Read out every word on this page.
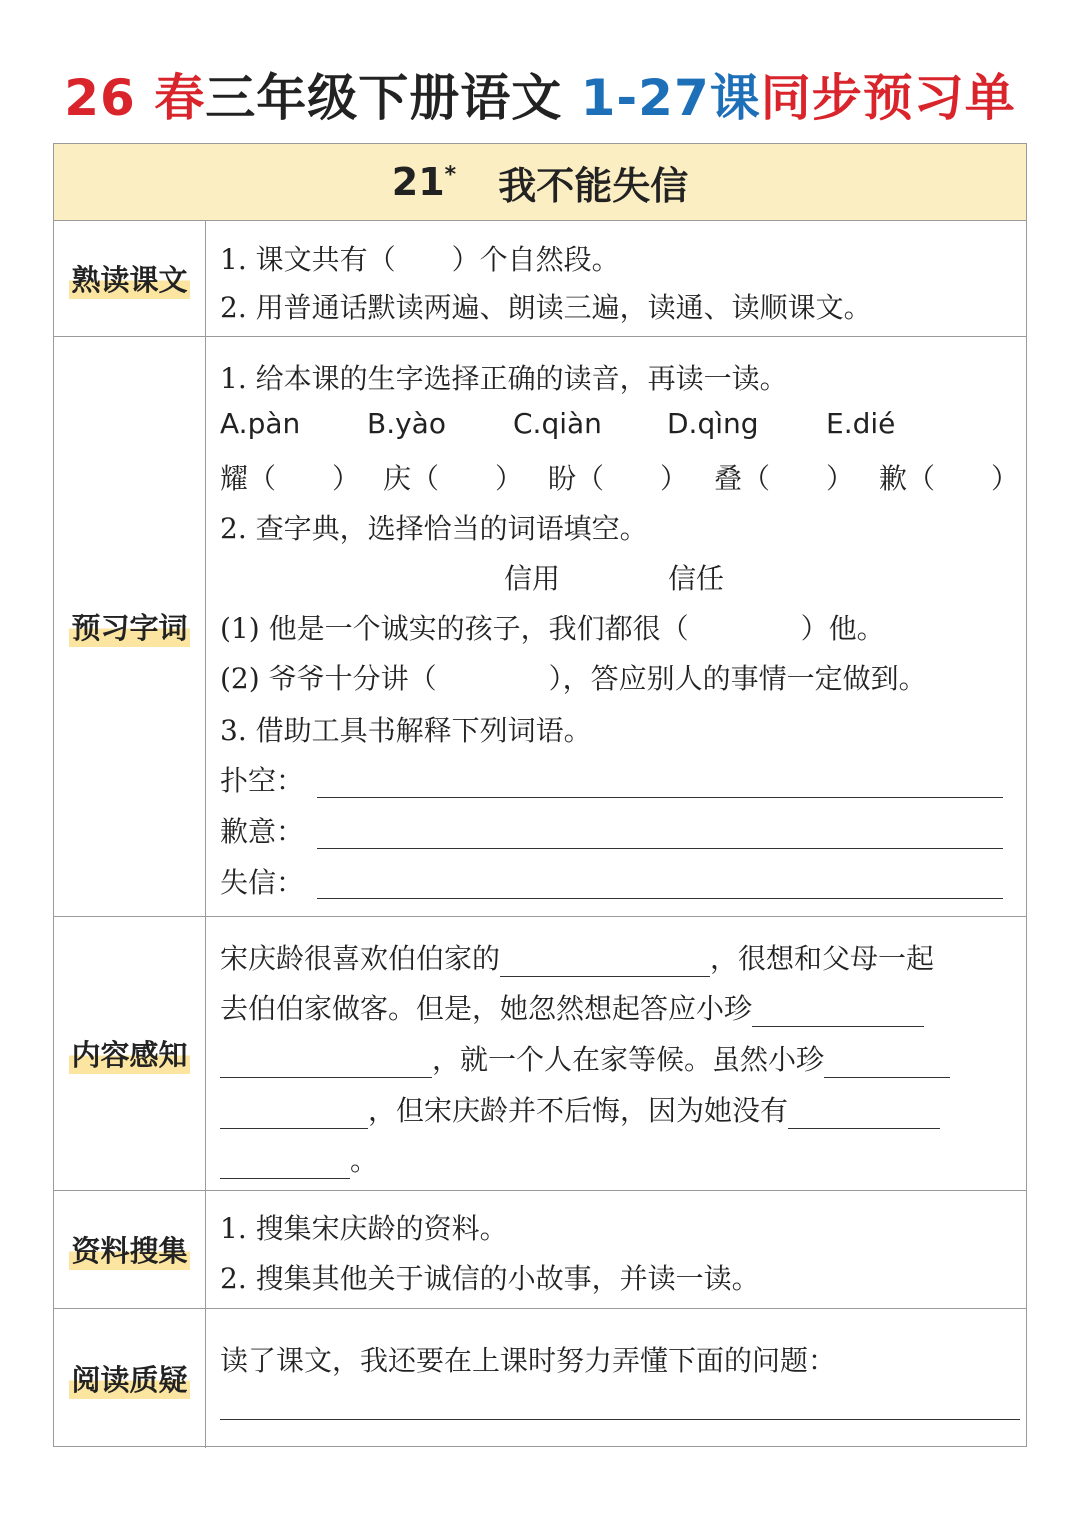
26 春三年级下册语文 1-27课同步预习单
21* 我不能失信
熟读课文
1. 课文共有（　　）个自然段。
2. 用普通话默读两遍、朗读三遍，读通、读顺课文。
预习字词
1. 给本课的生字选择正确的读音，再读一读。
A.pàn B.yào C.qiàn D.qìng E.dié
耀（　　） 庆（　　） 盼（　　） 叠（　　） 歉（　　）
2. 查字典，选择恰当的词语填空。
信用	信任
(1) 他是一个诚实的孩子，我们都很（　　　　）他。
(2) 爷爷十分讲（　　　　），答应别人的事情一定做到。
3. 借助工具书解释下列词语。
扑空：
歉意：
失信：
内容感知
宋庆龄很喜欢伯伯家的	，很想和父母一起
去伯伯家做客。但是，她忽然想起答应小珍
，就一个人在家等候。虽然小珍
，但宋庆龄并不后悔，因为她没有
。
资料搜集
1. 搜集宋庆龄的资料。
2. 搜集其他关于诚信的小故事，并读一读。
阅读质疑
读了课文，我还要在上课时努力弄懂下面的问题：
